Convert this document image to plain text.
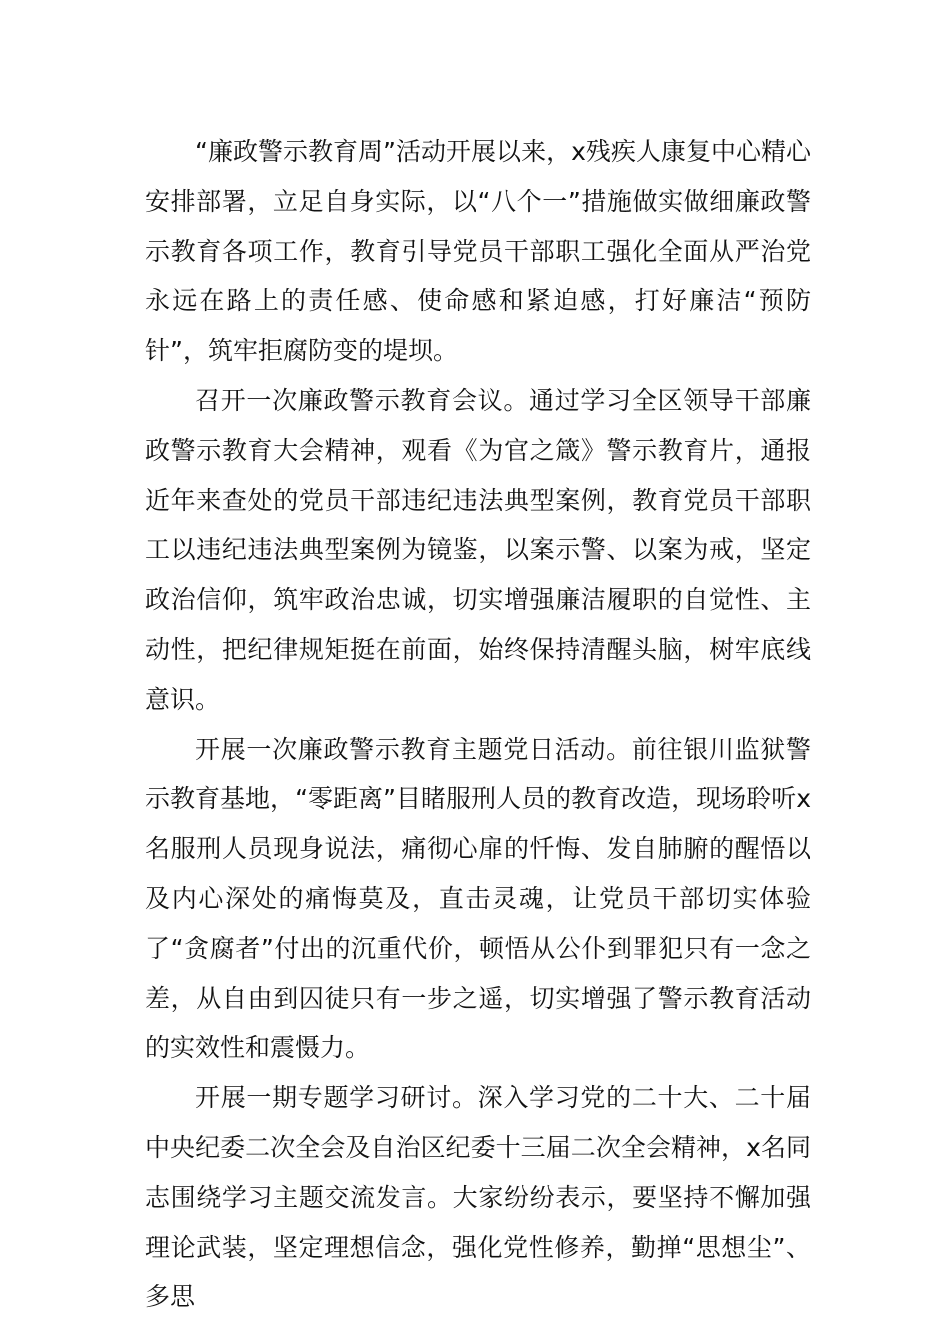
“廉政警示教育周”活动开展以来，x残疾人康复中心精心安排部署，立足自身实际，以“八个一”措施做实做细廉政警示教育各项工作，教育引导党员干部职工强化全面从严治党永远在路上的责任感、使命感和紧迫感，打好廉洁“预防针”，筑牢拒腐防变的堤坝。

召开一次廉政警示教育会议。通过学习全区领导干部廉政警示教育大会精神，观看《为官之箴》警示教育片，通报近年来查处的党员干部违纪违法典型案例，教育党员干部职工以违纪违法典型案例为镜鉴，以案示警、以案为戒，坚定政治信仰，筑牢政治忠诚，切实增强廉洁履职的自觉性、主动性，把纪律规矩挺在前面，始终保持清醒头脑，树牢底线意识。

开展一次廉政警示教育主题党日活动。前往银川监狱警示教育基地，“零距离”目睹服刑人员的教育改造，现场聆听x名服刑人员现身说法，痛彻心扉的忏悔、发自肺腑的醒悟以及内心深处的痛悔莫及，直击灵魂，让党员干部切实体验了“贪腐者”付出的沉重代价，顿悟从公仆到罪犯只有一念之差，从自由到囚徒只有一步之遥，切实增强了警示教育活动的实效性和震慑力。

开展一期专题学习研讨。深入学习党的二十大、二十届中央纪委二次全会及自治区纪委十三届二次全会精神，x名同志围绕学习主题交流发言。大家纷纷表示，要坚持不懈加强理论武装，坚定理想信念，强化党性修养，勤掸“思想尘”、多思
